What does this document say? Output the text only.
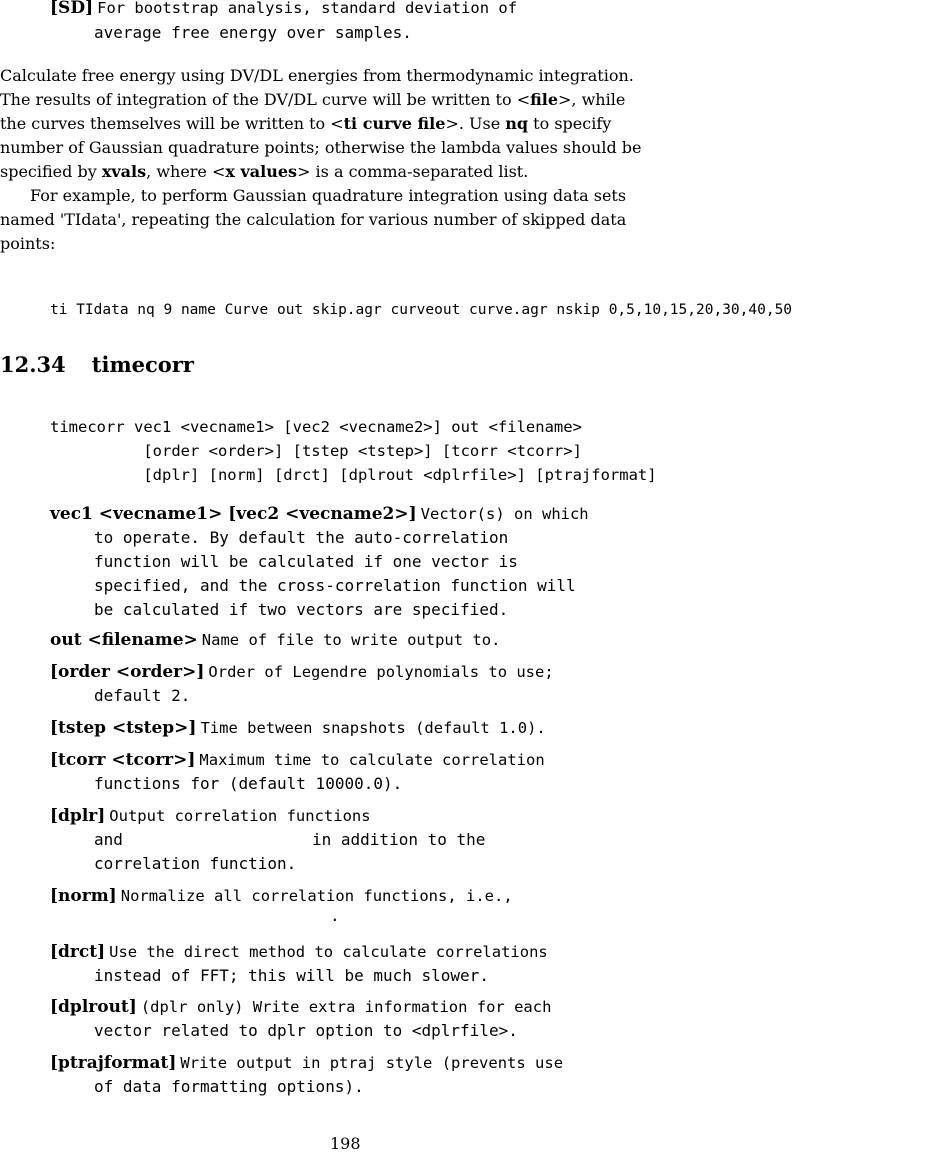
[SD] For bootstrap analysis, standard deviation of
average free energy over samples.
Calculate free energy using DV/DL energies from thermodynamic integration.
The results of integration of the DV/DL curve will be written to <file>, while
the curves themselves will be written to <ti curve file>. Use nq to specify
number of Gaussian quadrature points; otherwise the lambda values should be
specified by xvals, where <x values> is a comma-separated list.
For example, to perform Gaussian quadrature integration using data sets
named 'TIdata', repeating the calculation for various number of skipped data
points:
ti TIdata nq 9 name Curve out skip.agr curveout curve.agr nskip 0,5,10,15,20,30,40,50
12.34 timecorr
timecorr vec1 <vecname1> [vec2 <vecname2>] out <filename>
[order <order>] [tstep <tstep>] [tcorr <tcorr>]
[dplr] [norm] [drct] [dplrout <dplrfile>] [ptrajformat]
vec1 <vecname1> [vec2 <vecname2>] Vector(s) on which
to operate. By default the auto-correlation
function will be calculated if one vector is
specified, and the cross-correlation function will
be calculated if two vectors are specified.
out <filename> Name of file to write output to.
[order <order>] Order of Legendre polynomials to use;
default 2.
[tstep <tstep>] Time between snapshots (default 1.0).
[tcorr <tcorr>] Maximum time to calculate correlation
functions for (default 10000.0).
[dplr] Output correlation functions
and	in addition to the
correlation function.
[norm] Normalize all correlation functions, i.e.,
.
[drct] Use the direct method to calculate correlations
instead of FFT; this will be much slower.
[dplrout] (dplr only) Write extra information for each
vector related to dplr option to <dplrfile>.
[ptrajformat] Write output in ptraj style (prevents use
of data formatting options).
198
